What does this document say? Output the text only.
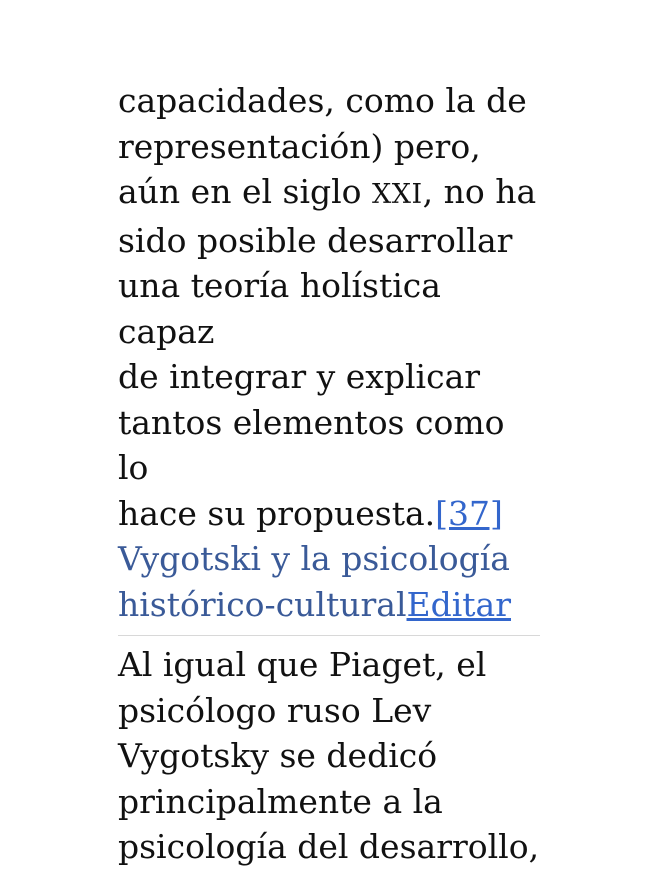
capacidades, como la de
representación) pero,
aún en el siglo XXI, no ha
sido posible desarrollar
una teoría holística capaz
de integrar y explicar
tantos elementos como lo
hace su propuesta.[37]

Vygotski y la psicología
histórico-culturalEditar

Al igual que Piaget, el
psicólogo ruso Lev
Vygotsky se dedicó
principalmente a la
psicología del desarrollo,
